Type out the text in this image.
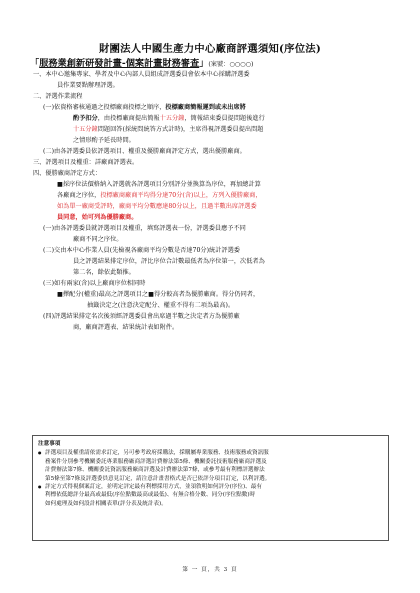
財團法人中國生產力中心廠商評選須知(序位法)
「服務業創新研發計畫-個案計畫財務審查」(案號：○○○○)
一、本中心邀集專家、學者及中心內部人員組成評選委員會依本中心採購評選委
員作業要點辦理評選。
二、評選作業流程
(一)依資格審核通過之投標廠商投標之順序，投標廠商簡報遲到或未出席將
酌予扣分，由投標廠商提出簡報十五分鐘，簡報結束委員提問題後進行
十五分鐘問題回答(採統問統答方式計時)，主席得視評選委員提出問題
之情形酌予延長時間。
(二)由各評選委員依評選項目、權重及優勝廠商評定方式，選出優勝廠商。
三、評選項目及權重：詳廠商評選表。
四、優勝廠商評定方式：
■採序位法價格納入評選就各評選項目分別評分並換算為序位，再加總計算
各廠商之序位，投標廠商廠商平均得分達70分(含)以上，方列入優勝廠商，
如為單一廠商受評時，廠商平均分數應達80分以上，且過半數出席評選委
員同意，始可列為優勝廠商。
(一)由各評選委員就評選項目及權重，填寫評選表一份，評選委員應予不同
廠商不同之序位。
(二)交由本中心作業人員(先檢視各廠商平均分數是否達70分)統計評選委
員之評選結果排定序位，評比序位合計數最低者為序位第一，次低者為
第二名，餘依此類推。
(三)如有兩家(含)以上廠商序位相同時
■擇配分(權重)最高之評選項目之■得分較高者為優勝廠商。得分仍同者，
抽籤決定之(注意決定配分、權重不得有二項為最高)。
(四)評選結果排定名次後須經評選委員會出席過半數之決定者方為優勝廠
商，廠商評選表、結果統計表如附件。
注意事項
● 評選項目及權重請依需求訂定，另可參考政府採購法，採購屬專業服務、技術服務或資訊服
務案件分別參考機關委託專業服務廠商評選計費辦法第5條、機關委託技術服務廠商評選及
計費辦法第7條、機關委託資訊服務廠商評選及計費辦法第7條，或參考最有利標評選辦法
第5條至第7條及評選委員意見訂定，請注意計畫書格式是否已依評分項目訂定，以利評選。
● 評定方式得視個案訂定，並明定評定最有利標採用方式，並須敘明如何評分(序位)、最有
利標依低總評分最高或最低(序位點數最高或最低)、有無合格分數、同分(序位點數)時
如何處理及如何設計相關表單(評分表及統計表)。
第 一 頁，共 3 頁
